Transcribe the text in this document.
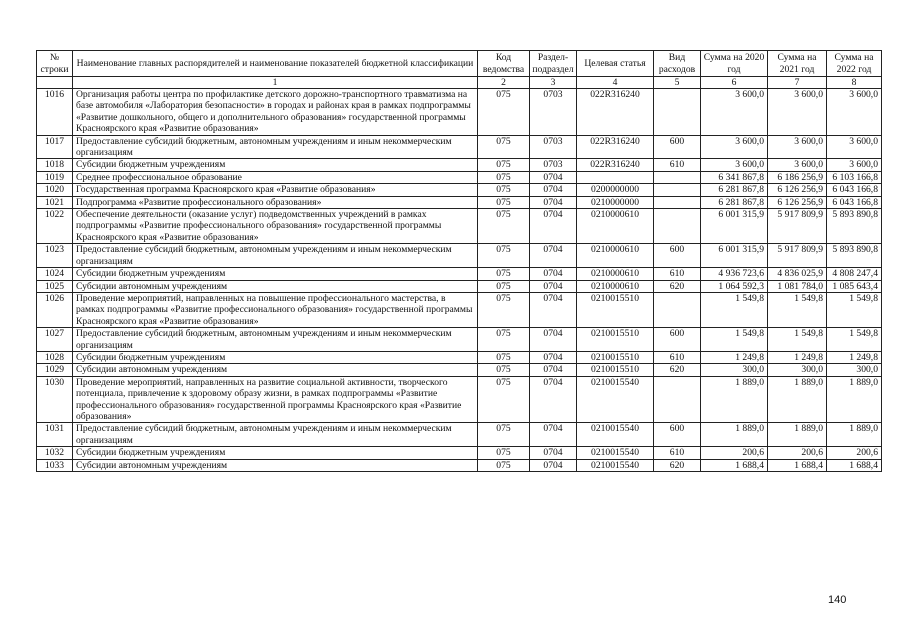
№ строки	Наименование главных распорядителей и наименование показателей бюджетной классификации	Код ведомства	Раздел-подраздел	Целевая статья	Вид расходов	Сумма на 2020 год	Сумма на 2021 год	Сумма на 2022 год
	1	2	3	4	5	6	7	8
1016	Организация работы центра по профилактике детского дорожно-транспортного травматизма на базе автомобиля «Лаборатория безопасности» в городах и районах края в рамках подпрограммы «Развитие дошкольного, общего и дополнительного образования» государственной программы Красноярского края «Развитие образования»	075	0703	022R316240		3 600,0	3 600,0	3 600,0
1017	Предоставление субсидий бюджетным, автономным учреждениям и иным некоммерческим организациям	075	0703	022R316240	600	3 600,0	3 600,0	3 600,0
1018	Субсидии бюджетным учреждениям	075	0703	022R316240	610	3 600,0	3 600,0	3 600,0
1019	Среднее профессиональное образование	075	0704			6 341 867,8	6 186 256,9	6 103 166,8
1020	Государственная программа Красноярского края «Развитие образования»	075	0704	0200000000		6 281 867,8	6 126 256,9	6 043 166,8
1021	Подпрограмма «Развитие профессионального образования»	075	0704	0210000000		6 281 867,8	6 126 256,9	6 043 166,8
1022	Обеспечение деятельности (оказание услуг) подведомственных учреждений в рамках подпрограммы «Развитие профессионального образования» государственной программы Красноярского края «Развитие образования»	075	0704	0210000610		6 001 315,9	5 917 809,9	5 893 890,8
1023	Предоставление субсидий бюджетным, автономным учреждениям и иным некоммерческим организациям	075	0704	0210000610	600	6 001 315,9	5 917 809,9	5 893 890,8
1024	Субсидии бюджетным учреждениям	075	0704	0210000610	610	4 936 723,6	4 836 025,9	4 808 247,4
1025	Субсидии автономным учреждениям	075	0704	0210000610	620	1 064 592,3	1 081 784,0	1 085 643,4
1026	Проведение мероприятий, направленных на повышение профессионального мастерства, в рамках подпрограммы «Развитие профессионального образования» государственной программы Красноярского края «Развитие образования»	075	0704	0210015510		1 549,8	1 549,8	1 549,8
1027	Предоставление субсидий бюджетным, автономным учреждениям и иным некоммерческим организациям	075	0704	0210015510	600	1 549,8	1 549,8	1 549,8
1028	Субсидии бюджетным учреждениям	075	0704	0210015510	610	1 249,8	1 249,8	1 249,8
1029	Субсидии автономным учреждениям	075	0704	0210015510	620	300,0	300,0	300,0
1030	Проведение мероприятий, направленных на развитие социальной активности, творческого потенциала, привлечение к здоровому образу жизни, в рамках подпрограммы «Развитие профессионального образования» государственной программы Красноярского края «Развитие образования»	075	0704	0210015540		1 889,0	1 889,0	1 889,0
1031	Предоставление субсидий бюджетным, автономным учреждениям и иным некоммерческим организациям	075	0704	0210015540	600	1 889,0	1 889,0	1 889,0
1032	Субсидии бюджетным учреждениям	075	0704	0210015540	610	200,6	200,6	200,6
1033	Субсидии автономным учреждениям	075	0704	0210015540	620	1 688,4	1 688,4	1 688,4
140
